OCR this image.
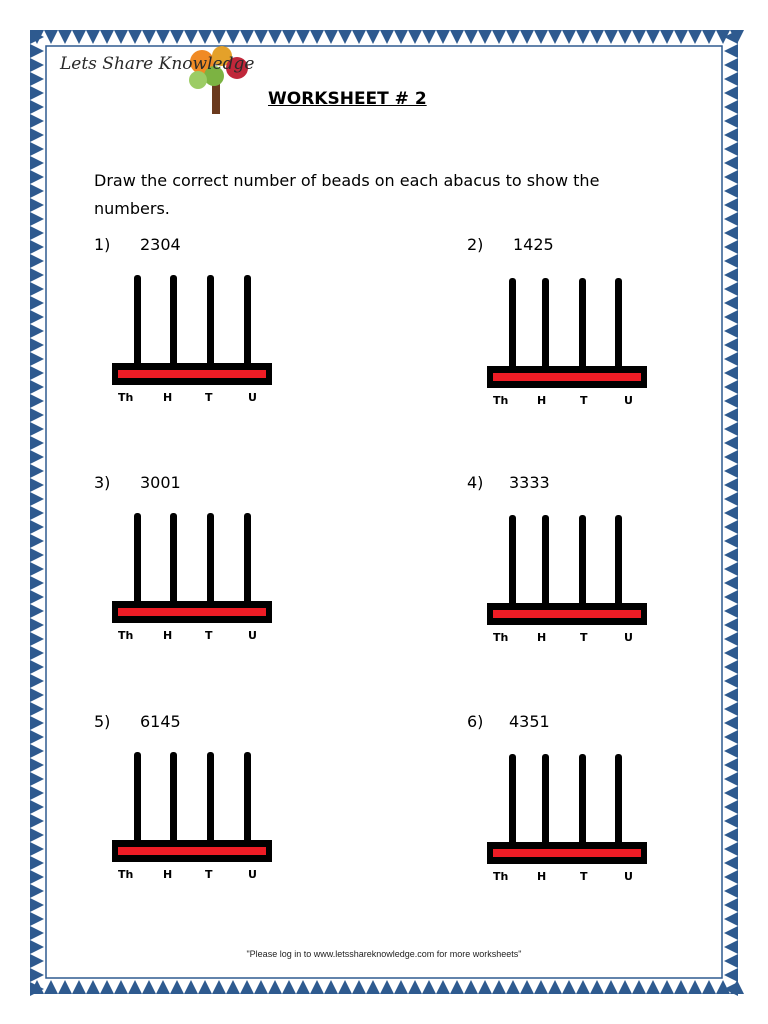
Lets Share Knowledge
WORKSHEET # 2

Draw the correct number of beads on each abacus to show the numbers.

1) 2304
Th	H	T	U
2) 1425
Th	H	T	U
3) 3001
Th	H	T	U
4) 3333
Th	H	T	U
5) 6145
Th	H	T	U
6) 4351
Th	H	T	U
"Please log in to www.letsshareknowledge.com for more worksheets"
